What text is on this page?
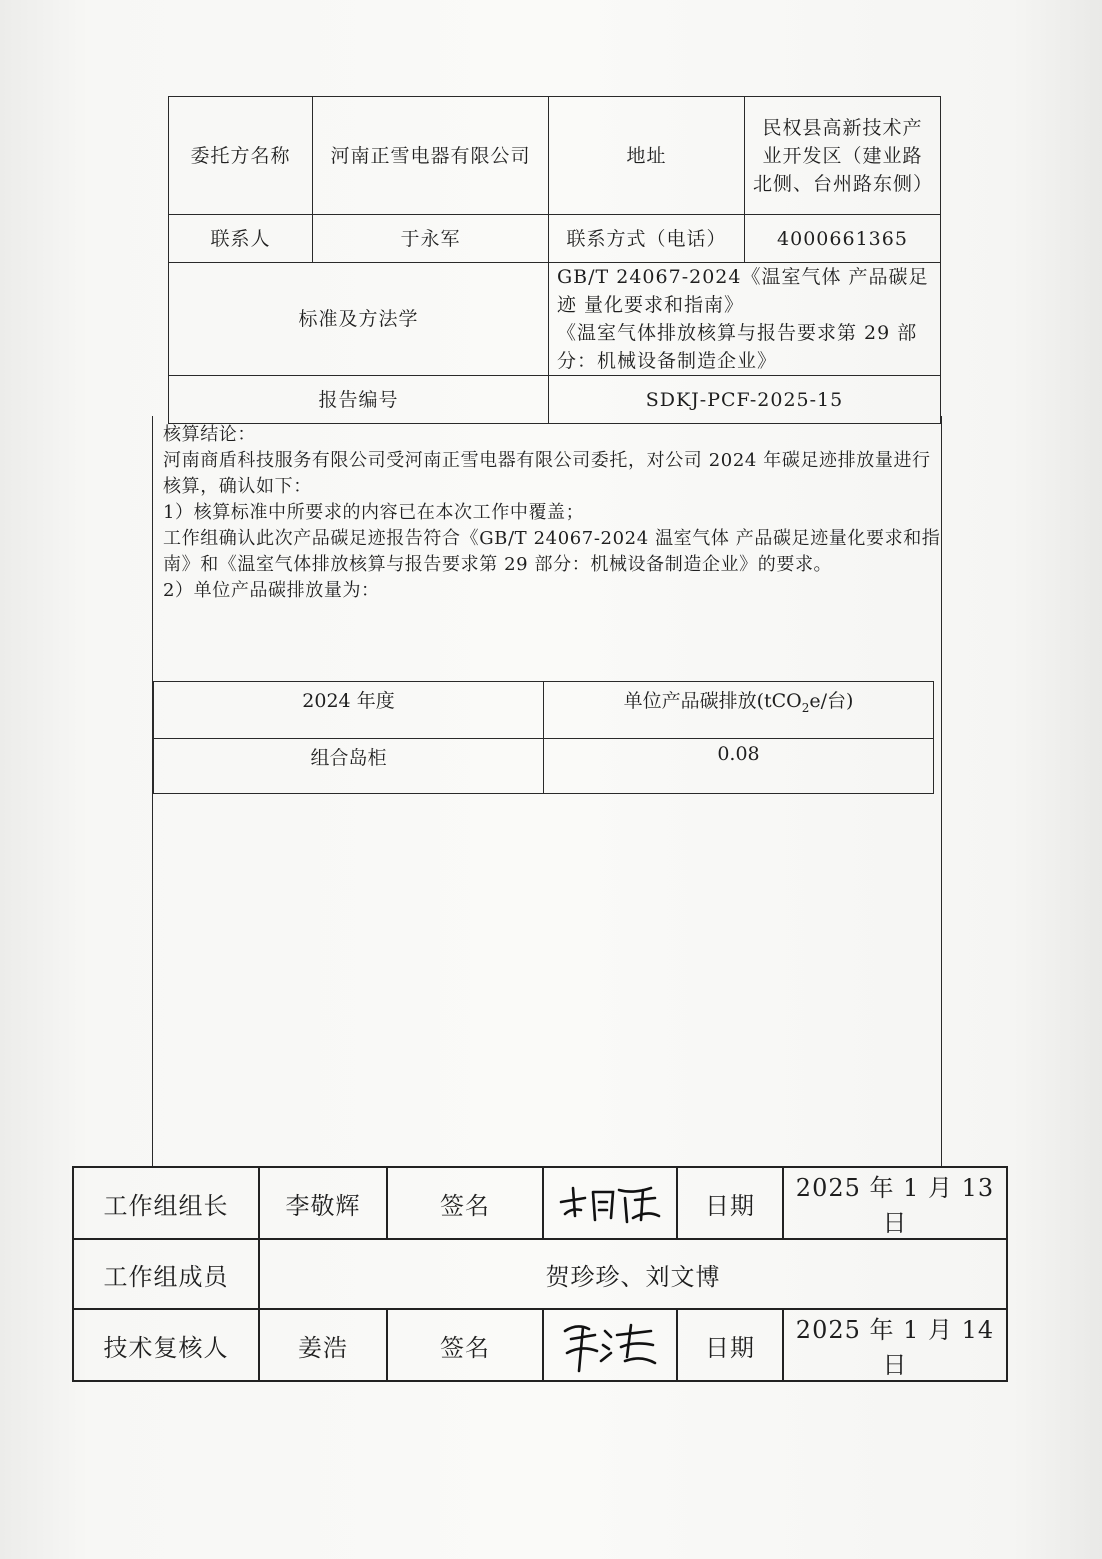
委托方名称	河南正雪电器有限公司	地址	民权县高新技术产业开发区（建业路北侧、台州路东侧）
联系人	于永军	联系方式（电话）	4000661365
标准及方法学		GB/T 24067-2024《温室气体 产品碳足迹 量化要求和指南》
《温室气体排放核算与报告要求第 29 部分：机械设备制造企业》	

报告编号		SDKJ-PCF-2025-15	

核算结论：

河南商盾科技服务有限公司受河南正雪电器有限公司委托，对公司 2024 年碳足迹排放量进行核算，确认如下：

1）核算标准中所要求的内容已在本次工作中覆盖；

工作组确认此次产品碳足迹报告符合《GB/T 24067-2024 温室气体 产品碳足迹量化要求和指南》和《温室气体排放核算与报告要求第 29 部分：机械设备制造企业》的要求。

2）单位产品碳排放量为：

2024 年度	单位产品碳排放(tCO$_2$e/台)
组合岛柜	0.08
工作组组长	李敬辉	签名		日期	2025 年 1 月 13 日
工作组成员	贺珍珍、刘文博				
技术复核人	姜浩	签名		日期	2025 年 1 月 14 日
